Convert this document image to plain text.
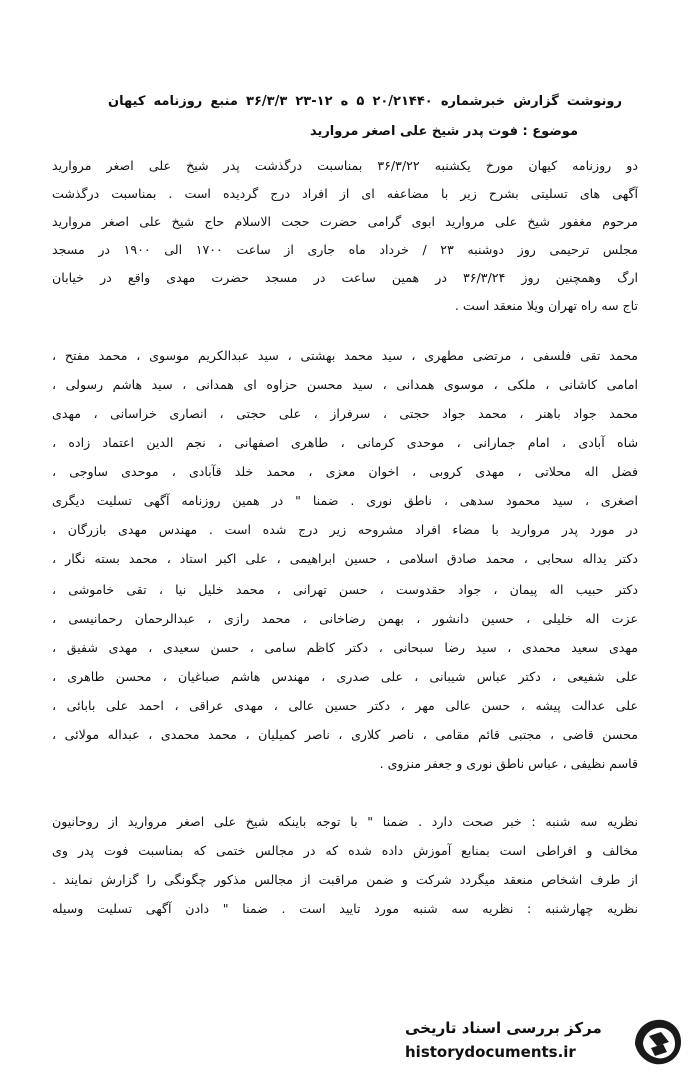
رونوشت گزارش خبرشماره ۲۰/۲۱۴۴۰ ۵ ه ۱۲-۲۳ ۳۶/۳/۳ منبع روزنامه کیهان
موضوع : فوت پدر شیخ علی اصغر مروارید
دو روزنامه کیهان مورخ یکشنبه ۳۶/۳/۲۲ بمناسبت درگذشت پدر شیخ علی اصغر مروارید
آگهی های تسلیتی بشرح زیر با مضاعفه ای از افراد درج گردیده است . بمناسبت درگذشت
مرحوم مغفور شیخ علی مروارید ابوی گرامی حضرت حجت الاسلام حاج شیخ علی اصغر مروارید
مجلس ترحیمی روز دوشنبه ۲۳ / خرداد ماه جاری از ساعت ۱۷۰۰ الی ۱۹۰۰ در مسجد
ارگ وهمچنین روز ۳۶/۳/۲۴ در همین ساعت در مسجد حضرت مهدی واقع در خیابان
تاج سه راه تهران ویلا منعقد است .
محمد تقی فلسفی ، مرتضی مطهری ، سید محمد بهشتی ، سید عبدالکریم موسوی ، محمد مفتح ،
امامی کاشانی ، ملکی ، موسوی همدانی ، سید محسن حزاوه ای همدانی ، سید هاشم رسولی ،
محمد جواد باهنر ، محمد جواد حجتی ، سرفراز ، علی حجتی ، انصاری خراسانی ، مهدی
شاه آبادی ، امام جمارانی ، موحدی کرمانی ، طاهری اصفهانی ، نجم الدین اعتماد زاده ،
فضل اله محلاتی ، مهدی کروبی ، اخوان معزی ، محمد خلد قآبادی ، موحدی ساوجی ،
اصغری ، سید محمود سدهی ، ناطق نوری . ضمنا " در همین روزنامه آگهی تسلیت دیگری
در مورد پدر مروارید با مضاء افراد مشروحه زیر درج شده است . مهندس مهدی بازرگان ،
دکتر یداله سحابی ، محمد صادق اسلامی ، حسین ابراهیمی ، علی اکبر استاد ، محمد بسته نگار ،
دکتر حبیب اله پیمان ، جواد حقدوست ، حسن تهرانی ، محمد خلیل نیا ، تقی خاموشی ،
عزت اله خلیلی ، حسین دانشور ، بهمن رضاخانی ، محمد رازی ، عبدالرحمان رحمانیسی ،
مهدی سعید محمدی ، سید رضا سبحانی ، دکتر کاظم سامی ، حسن سعیدی ، مهدی شفیق ،
علی شفیعی ، دکتر عباس شیبانی ، علی صدری ، مهندس هاشم صباغیان ، محسن طاهری ،
علی عدالت پیشه ، حسن عالی مهر ، دکتر حسین عالی ، مهدی عراقی ، احمد علی بابائی ،
محسن قاضی ، مجتبی قائم مقامی ، ناصر کلاری ، ناصر کمیلیان ، محمد محمدی ، عبداله مولائی ،
قاسم نظیفی ، عباس ناطق نوری و جعفر منزوی .
نظریه سه شنبه : خبر صحت دارد . ضمنا " با توجه باینکه شیخ علی اصغر مروارید از روحانیون
مخالف و افراطی است بمنابع آموزش داده شده که در مجالس ختمی که بمناسبت فوت پدر وی
از طرف اشخاص منعقد میگردد شرکت و ضمن مراقبت از مجالس مذکور چگونگی را گزارش نمایند .
نظریه چهارشنبه : نظریه سه شنبه مورد تایید است . ضمنا " دادن آگهی تسلیت وسیله
مرکز بررسی اسناد تاریخی
historydocuments.ir
